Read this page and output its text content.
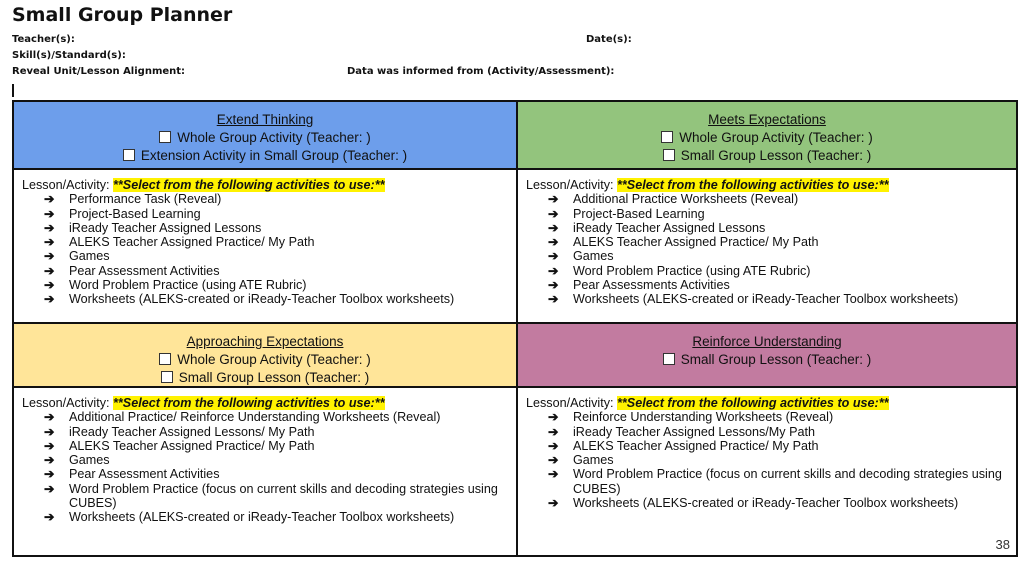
Small Group Planner
Teacher(s):	Date(s):
Skill(s)/Standard(s):
Reveal Unit/Lesson Alignment:	Data was informed from (Activity/Assessment):
Extend Thinking
Whole Group Activity (Teacher: )
Extension Activity in Small Group (Teacher: )
Meets Expectations
Whole Group Activity (Teacher: )
Small Group Lesson (Teacher: )
Lesson/Activity: **Select from the following activities to use:**
➔ Performance Task (Reveal)
➔ Project-Based Learning
➔ iReady Teacher Assigned Lessons
➔ ALEKS Teacher Assigned Practice/ My Path
➔ Games
➔ Pear Assessment Activities
➔ Word Problem Practice (using ATE Rubric)
➔ Worksheets (ALEKS-created or iReady-Teacher Toolbox worksheets)
Lesson/Activity: **Select from the following activities to use:**
➔ Additional Practice Worksheets (Reveal)
➔ Project-Based Learning
➔ iReady Teacher Assigned Lessons
➔ ALEKS Teacher Assigned Practice/ My Path
➔ Games
➔ Word Problem Practice (using ATE Rubric)
➔ Pear Assessments Activities
➔ Worksheets (ALEKS-created or iReady-Teacher Toolbox worksheets)
Approaching Expectations
Whole Group Activity (Teacher: )
Small Group Lesson (Teacher: )
Reinforce Understanding
Small Group Lesson (Teacher: )
Lesson/Activity: **Select from the following activities to use:**
➔ Additional Practice/ Reinforce Understanding Worksheets (Reveal)
➔ iReady Teacher Assigned Lessons/ My Path
➔ ALEKS Teacher Assigned Practice/ My Path
➔ Games
➔ Pear Assessment Activities
➔ Word Problem Practice (focus on current skills and decoding strategies using CUBES)
➔ Worksheets (ALEKS-created or iReady-Teacher Toolbox worksheets)
Lesson/Activity: **Select from the following activities to use:**
➔ Reinforce Understanding Worksheets (Reveal)
➔ iReady Teacher Assigned Lessons/My Path
➔ ALEKS Teacher Assigned Practice/ My Path
➔ Games
➔ Word Problem Practice (focus on current skills and decoding strategies using CUBES)
➔ Worksheets (ALEKS-created or iReady-Teacher Toolbox worksheets)
38
